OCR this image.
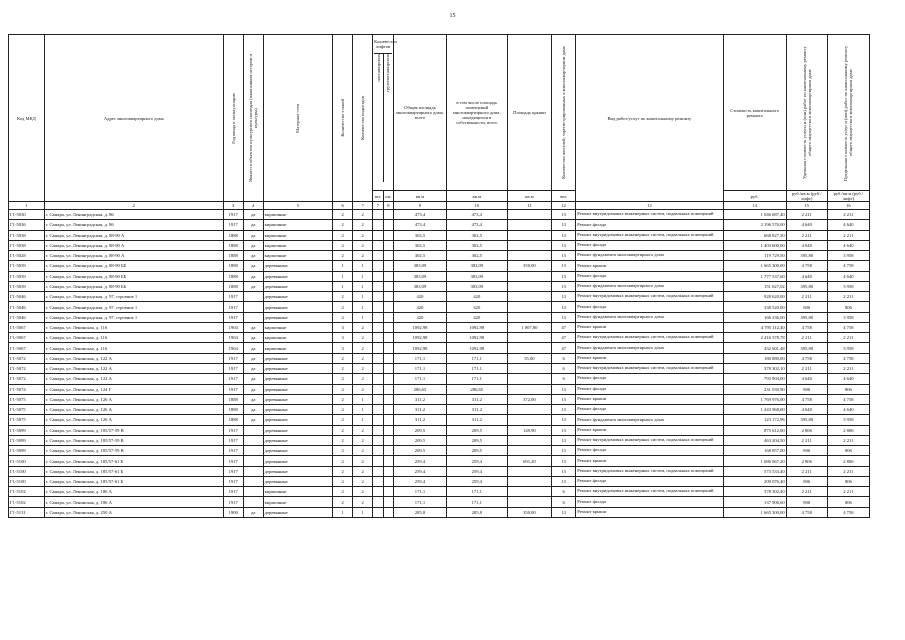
15
Код МКД	Адрес многоквартирного дома	Год ввода в эксплуатацию	Является объектом культурного наследия (памятником истории и культуры)	Материал стен	Количество этажей	Количество подъездов	Количество лифтов
пассажирских грузопассажирских		Общая площадь многоквартирного дома, всего	в том числе площадь помещений многоквартирного дома, находящихся в собственности, всего	Площадь крыши	Количество жителей, зарегистрированных в многоквартирном доме	Вид работ/услуг по капитальному ремонту	Стоимость капитального ремонта	Удельная стоимость услуги и (или) работ по капитальному ремонту общего имущества в многоквартирном доме	Предельная стоимость услуг и (или) работ по капитальному ремонту общего имущества в многоквартирном доме

							шт.	шт.	кв.м	кв.м	кв.м	чел.		руб.	руб./кв.м (руб./лифт)	руб./кв.м (руб./лифт)
1	2	3	4	5	6	7	7	8	9	10	11	12	13	14	15	16
Г1-5030	г. Самара, ул. Ленинградская, д. 86	1917	да	кирпичные	2	2			473,4	473,4		13	Ремонт внутридомовых инженерных систем, подвальных помещений	1 046 687,40	2 211	2 211
Г1-5036	г. Самара, ул. Ленинградская, д. 86	1917	да	кирпичные	2	2			473,4	473,4		13	Ремонт фасада	2 196 576,00	4 640	4 640
Г1-5038	г. Самара, ул. Ленинградская, д. 88-90 А	1888	да	кирпичные	2	2			302,5	302,5		13	Ремонт внутридомовых инженерных систем, подвальных помещений	668 827,50	2 211	2 211
Г1-5038	г. Самара, ул. Ленинградская, д. 88-90 А	1888	да	кирпичные	2	2			302,5	302,5		13	Ремонт фасада	1 403 600,00	4 640	4 640
Г1-5028	г. Самара, ул. Ленинградская, д. 88-90 А	1888	да	кирпичные	2	2			302,5	302,5		13	Ремонт фундамента многоквартирного дома	119 729,50	395,80	3 958
Г1-5039	г. Самара, ул. Ленинградская, д. 88-90 ББ	1888	да	деревянные	1	1			383,09	383,09	350,00	13	Ремонт крыши	1 665 300,00	4 758	4 758
Г1-5039	г. Самара, ул. Ленинградская, д. 88-90 ББ	1888	да	деревянные	1	1			383,09	383,09		13	Ремонт фасада	1 777 537,60	4 640	4 640
Г1-5039	г. Самара, ул. Ленинградская, д. 88-90 ББ	1888	да	деревянные	1	1			383,09	383,09		13	Ремонт фундамента многоквартирного дома	151 627,02	395,80	3 958
Г1-5046	г. Самара, ул. Ленинградская, д. 97, строение 1	1917		деревянные	2	1			420	420		13	Ремонт внутридомовых инженерных систем, подвальных помещений	928 620,00	2 211	2 211
Г1-5046	г. Самара, ул. Ленинградская, д. 97, строение 1	1917		деревянные	2	1			420	420		13	Ремонт фасада	338 520,00	806	806
Г1-5046	г. Самара, ул. Ленинградская, д. 97, строение 1	1917		деревянные	2	1			420	420		13	Ремонт фундамента многоквартирного дома	166 236,00	395,80	3 958
Г1-5067	г. Самара, ул. Ленинская, д. 116	1904	да	кирпичные	3	2			1092,98	1092,98	1 007,80	47	Ремонт крыши	4 795 112,40	4 758	4 758
Г1-5067	г. Самара, ул. Ленинская, д. 116	1904	да	кирпичные	3	2			1092,98	1092,98		47	Ремонт внутридомовых инженерных систем, подвальных помещений	2 416 578,78	2 211	2 211
Г1-5067	г. Самара, ул. Ленинская, д. 116	1904	да	кирпичные	3	2			1092,98	1092,98		47	Ремонт фундамента многоквартирного дома	432 601,48	395,80	3 958
Г1-5072	г. Самара, ул. Ленинская, д. 122 А	1917	да	деревянные	2	2			171,1	171,1	35,00	6	Ремонт крыши	180 880,00	4 758	4 758
Г1-5072	г. Самара, ул. Ленинская, д. 122 А	1917	да	деревянные	2	2			171,1	171,1		6	Ремонт внутридомовых инженерных систем, подвальных помещений	378 302,10	2 211	2 211
Г1-5072	г. Самара, ул. Ленинская, д. 122 А	1917	да	деревянные	2	2			171,1	171,1		6	Ремонт фасада	793 904,00	4 640	4 640
Г1-5074	г. Самара, ул. Ленинская, д. 124 Г	1917	да	деревянные	2	2			286,65	286,65		13	Ремонт фасада	231 039,90	806	806
Г1-5075	г. Самара, ул. Ленинская, д. 126 А	1888	да	деревянные	2	1			311,2	311,2	372,00	13	Ремонт крыши	1 769 976,00	4 758	4 758
Г1-5075	г. Самара, ул. Ленинская, д. 126 А	1888	да	деревянные	2	1			311,2	311,2		13	Ремонт фасада	1 443 968,00	4 640	4 640
Г1-5075	г. Самара, ул. Ленинская, д. 126 А	1888	да	деревянные	2	1			311,2	311,2		13	Ремонт фундамента многоквартирного дома	123 172,96	395,80	3 958
Г1-5099	г. Самара, ул. Ленинская, д. 185/57-59 В	1917		деревянные	2	2			209,5	209,5	149,90	13	Ремонт крыши	875 612,00	2 806	2 806
Г1-5099	г. Самара, ул. Ленинская, д. 185/57-59 В	1917		деревянные	2	2			209,5	209,5		13	Ремонт внутридомовых инженерных систем, подвальных помещений	463 204,50	2 211	2 211
Г1-5099	г. Самара, ул. Ленинская, д. 185/57-59 В	1917		деревянные	2	2			209,5	209,5		13	Ремонт фасада	168 857,00	806	806
Г1-5100	г. Самара, ул. Ленинская, д. 185/57-61 Б	1917		деревянные	2	2			259,4	259,4	691,20	13	Ремонт крыши	1 686 067,20	2 806	2 806
Г1-5100	г. Самара, ул. Ленинская, д. 185/57-61 Б	1917		деревянные	2	2			259,4	259,4		13	Ремонт внутридомовых инженерных систем, подвальных помещений	573 533,40	2 211	2 211
Г1-5100	г. Самара, ул. Ленинская, д. 185/57-61 Б	1917		деревянные	2	2			259,4	259,4		13	Ремонт фасада	209 076,40	806	806
Г1-5102	г. Самара, ул. Ленинская, д. 186 А	1917		кирпичные	2	2			171,1	171,1		6	Ремонт внутридомовых инженерных систем, подвальных помещений	378 302,40	2 211	2 211
Г1-5102	г. Самара, ул. Ленинская, д. 186 А	1917		кирпичные	2	2			171,1	171,1		6	Ремонт фасада	137 906,60	806	806
Г1-5131	г. Самара, ул. Ленинская, д. 250 А	1900	да	деревянные	1	1			285,8	285,8	350,00	13	Ремонт крыши	1 665 300,00	4 758	4 758
